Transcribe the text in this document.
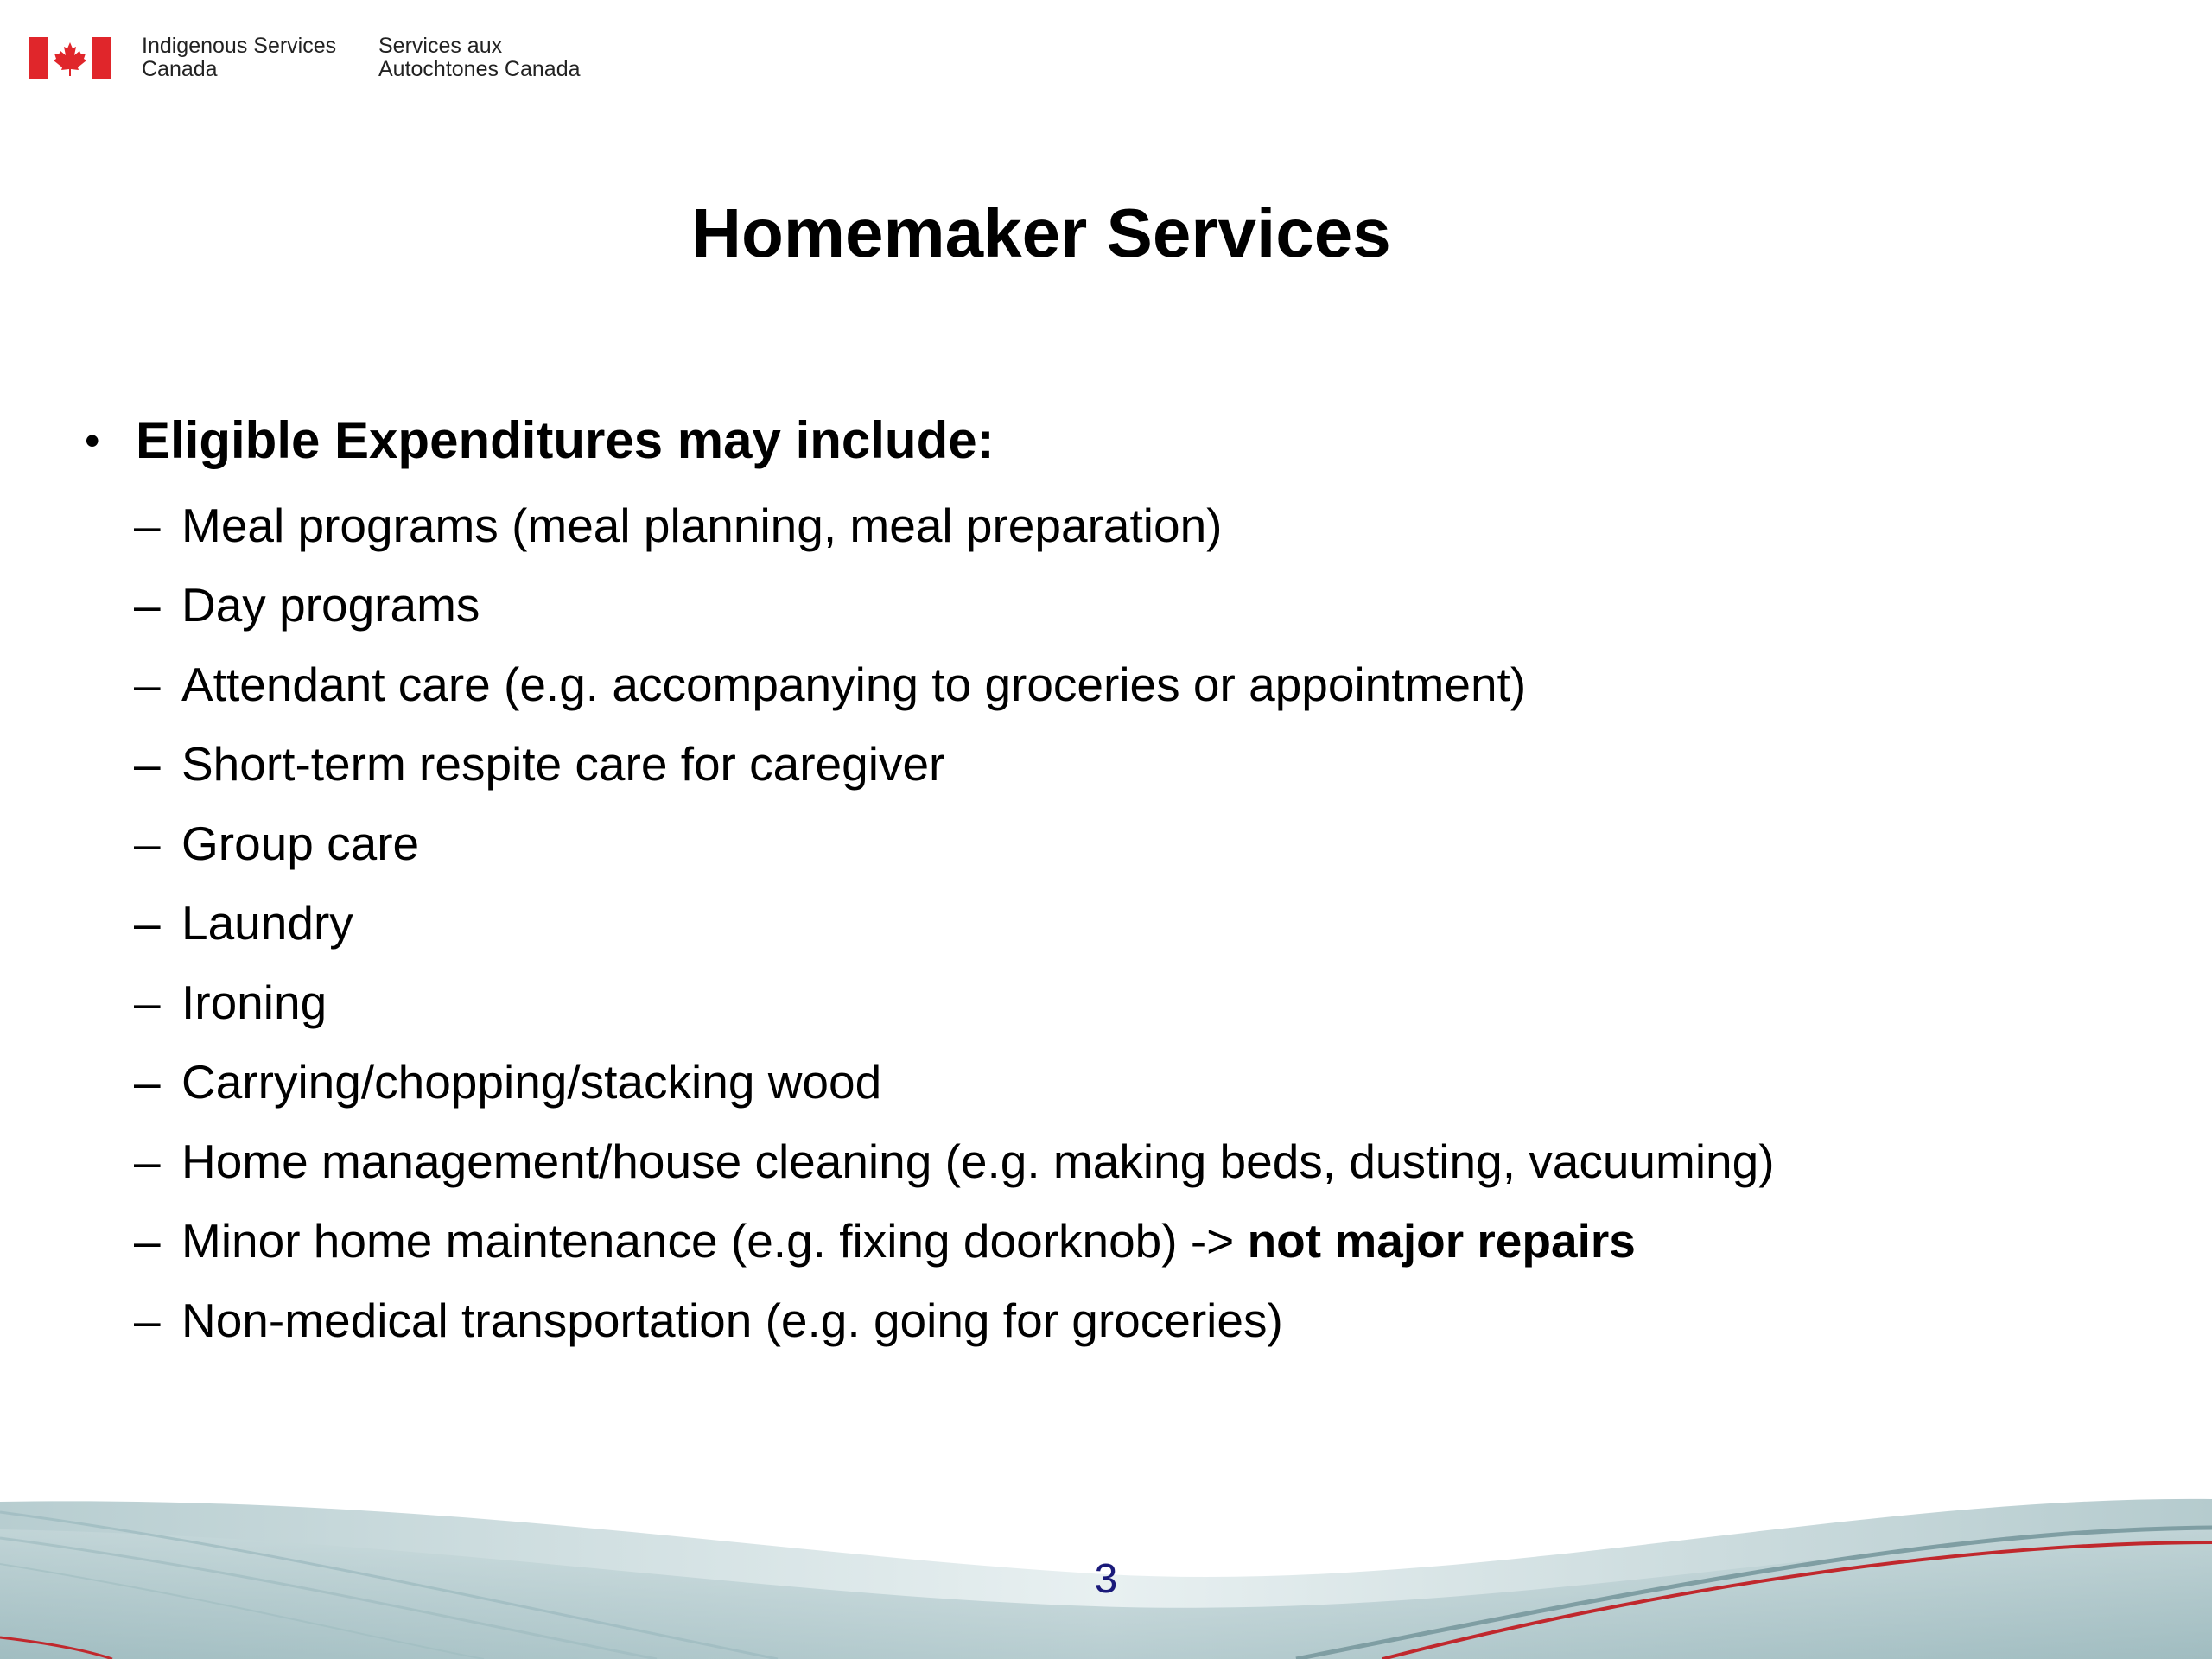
Indigenous Services
Canada
Services aux
Autochtones Canada
Homemaker Services
• Eligible Expenditures may include:
– Meal programs (meal planning, meal preparation)
– Day programs
– Attendant care (e.g. accompanying to groceries or appointment)
– Short-term respite care for caregiver
– Group care
– Laundry
– Ironing
– Carrying/chopping/stacking wood
– Home management/house cleaning (e.g. making beds, dusting, vacuuming)
– Minor home maintenance (e.g. fixing doorknob) -> not major repairs
– Non-medical transportation (e.g. going for groceries)
3
